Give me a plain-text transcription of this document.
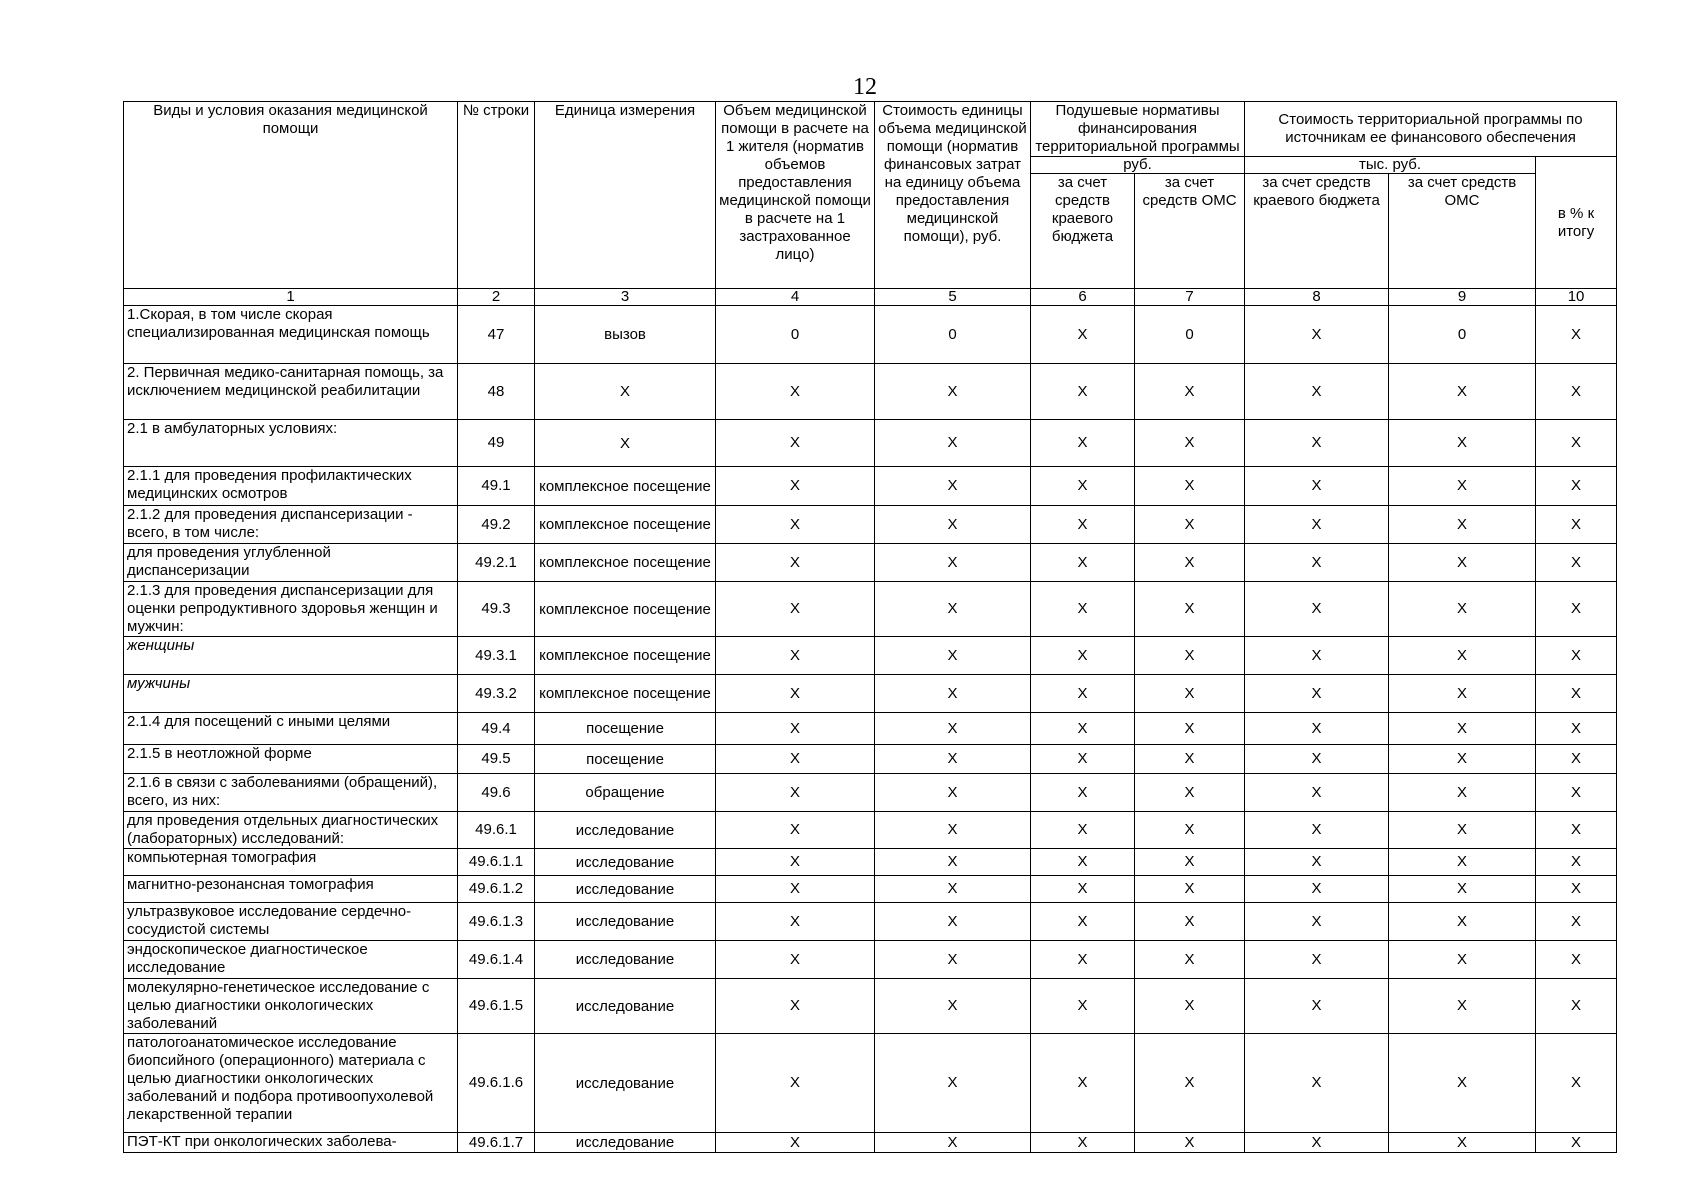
12
Виды и условия оказания медицинской помощи	№ строки	Единица измерения	Объем медицинской помощи в расчете на 1 жителя (норматив объемов предоставления медицинской помощи в расчете на 1 застрахованное лицо)	Стоимость единицы объема медицинской помощи (норматив финансовых затрат на единицу объема предоставления медицинской помощи), руб.	Подушевые нормативы финансирования территориальной программы		Стоимость территориальной программы по источникам ее финансового обеспечения		
					руб.		тыс. руб.		в % к итогу
					за счет средств краевого бюджета	за счет средств ОМС	за счет средств краевого бюджета	за счет средств ОМС	
1	2	3	4	5	6	7	8	9	10
1.Скорая, в том числе скорая специализированная медицинская помощь	47	вызов	0	0	Х	0	Х	0	Х
2. Первичная медико-санитарная помощь, за исключением медицинской реабилитации	48	Х	Х	Х	Х	Х	Х	Х	Х
2.1 в амбулаторных условиях:	49	Х	Х	Х	Х	Х	Х	Х	Х
2.1.1 для проведения профилактических медицинских осмотров	49.1	комплексное посещение	Х	Х	Х	Х	Х	Х	Х
2.1.2 для проведения диспансеризации - всего, в том числе:	49.2	комплексное посещение	Х	Х	Х	Х	Х	Х	Х
для проведения углубленной диспансеризации	49.2.1	комплексное посещение	Х	Х	Х	Х	Х	Х	Х
2.1.3 для проведения диспансеризации для оценки репродуктивного здоровья женщин и мужчин:	49.3	комплексное посещение	Х	Х	Х	Х	Х	Х	Х
женщины	49.3.1	комплексное посещение	Х	Х	Х	Х	Х	Х	Х
мужчины	49.3.2	комплексное посещение	Х	Х	Х	Х	Х	Х	Х
2.1.4 для посещений с иными целями	49.4	посещение	Х	Х	Х	Х	Х	Х	Х
2.1.5 в неотложной форме	49.5	посещение	Х	Х	Х	Х	Х	Х	Х
2.1.6 в связи с заболеваниями (обращений), всего, из них:	49.6	обращение	Х	Х	Х	Х	Х	Х	Х
для проведения отдельных диагностических (лабораторных) исследований:	49.6.1	исследование	Х	Х	Х	Х	Х	Х	Х
компьютерная томография	49.6.1.1	исследование	Х	Х	Х	Х	Х	Х	Х
магнитно-резонансная томография	49.6.1.2	исследование	Х	Х	Х	Х	Х	Х	Х
ультразвуковое исследование сердечно-сосудистой системы	49.6.1.3	исследование	Х	Х	Х	Х	Х	Х	Х
эндоскопическое диагностическое исследование	49.6.1.4	исследование	Х	Х	Х	Х	Х	Х	Х
молекулярно-генетическое исследование с целью диагностики онкологических заболеваний	49.6.1.5	исследование	Х	Х	Х	Х	Х	Х	Х
патологоанатомическое исследование биопсийного (операционного) материала с целью диагностики онкологических заболеваний и подбора противоопухолевой лекарственной терапии	49.6.1.6	исследование	Х	Х	Х	Х	Х	Х	Х
ПЭТ-КТ при онкологических заболева-	49.6.1.7	исследование	Х	Х	Х	Х	Х	Х	Х
